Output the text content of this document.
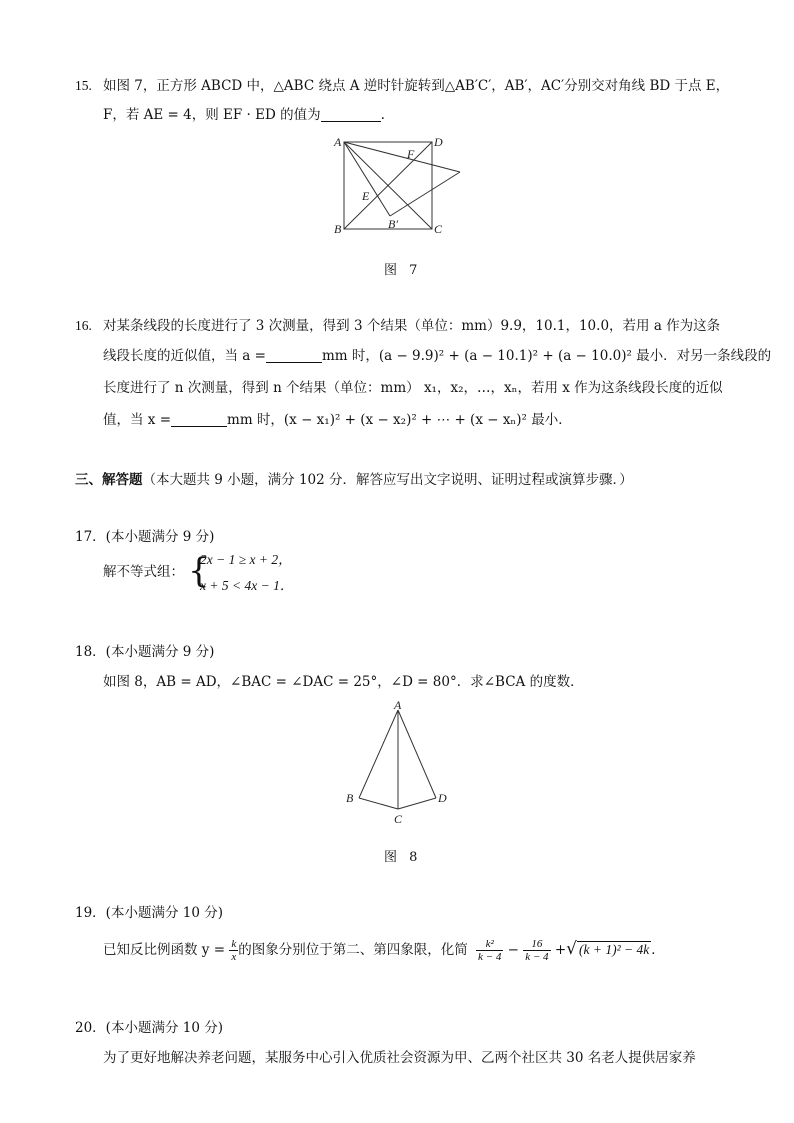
15. 如图 7，正方形 ABCD 中，△ABC 绕点 A 逆时针旋转到△AB′C′，AB′，AC′分别交对角线 BD 于点 E，
F，若 AE = 4，则 EF · ED 的值为	.
A	D
B	C
F
E
B′
图 7
16. 对某条线段的长度进行了 3 次测量，得到 3 个结果（单位：mm）9.9，10.1，10.0，若用 a 作为这条
线段长度的近似值，当 a =	mm 时，(a − 9.9)² + (a − 10.1)² + (a − 10.0)² 最小．对另一条线段的
长度进行了 n 次测量，得到 n 个结果（单位：mm） x₁，x₂，…，xₙ，若用 x 作为这条线段长度的近似
值，当 x =	mm 时，(x − x₁)² + (x − x₂)² + ⋯ + (x − xₙ)² 最小．
三、解答题（本大题共 9 小题，满分 102 分．解答应写出文字说明、证明过程或演算步骤．）
17．(本小题满分 9 分)
解不等式组： {
2x − 1 ≥ x + 2，
x + 5 < 4x − 1．
18．(本小题满分 9 分)
如图 8，AB = AD，∠BAC = ∠DAC = 25°，∠D = 80°．求∠BCA 的度数．
A
B
C
D
图 8
19．(本小题满分 10 分)
已知反比例函数 $y = \frac{k}{x}$ 的图象分别位于第二、第四象限，化简 $\frac{\text{k²}}{k - 4} - \frac{16}{k - 4}$ +√ (k + 1)² − 4k ．
20．(本小题满分 10 分)
为了更好地解决养老问题，某服务中心引入优质社会资源为甲、乙两个社区共 30 名老人提供居家养
